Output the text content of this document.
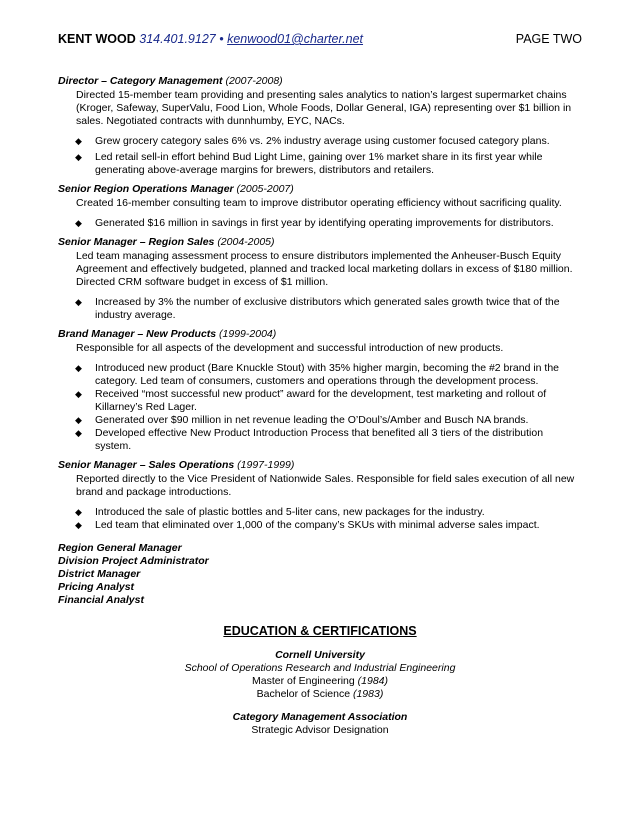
KENT WOOD 314.401.9127 • kenwood01@charter.net	PAGE TWO
Director – Category Management (2007-2008)
Directed 15-member team providing and presenting sales analytics to nation’s largest supermarket chains (Kroger, Safeway, SuperValu, Food Lion, Whole Foods, Dollar General, IGA) representing over $1 billion in sales. Negotiated contracts with dunnhumby, EYC, NACs.
◆ Grew grocery category sales 6% vs. 2% industry average using customer focused category plans.
◆ Led retail sell-in effort behind Bud Light Lime, gaining over 1% market share in its first year while generating above-average margins for brewers, distributors and retailers.
Senior Region Operations Manager (2005-2007)
Created 16-member consulting team to improve distributor operating efficiency without sacrificing quality.
◆ Generated $16 million in savings in first year by identifying operating improvements for distributors.
Senior Manager – Region Sales (2004-2005)
Led team managing assessment process to ensure distributors implemented the Anheuser-Busch Equity Agreement and effectively budgeted, planned and tracked local marketing dollars in excess of $180 million. Directed CRM software budget in excess of $1 million.
◆ Increased by 3% the number of exclusive distributors which generated sales growth twice that of the industry average.
Brand Manager – New Products (1999-2004)
Responsible for all aspects of the development and successful introduction of new products.
◆ Introduced new product (Bare Knuckle Stout) with 35% higher margin, becoming the #2 brand in the category. Led team of consumers, customers and operations through the development process.
◆ Received “most successful new product” award for the development, test marketing and rollout of Killarney’s Red Lager.
◆ Generated over $90 million in net revenue leading the O’Doul’s/Amber and Busch NA brands.
◆ Developed effective New Product Introduction Process that benefited all 3 tiers of the distribution system.
Senior Manager – Sales Operations (1997-1999)
Reported directly to the Vice President of Nationwide Sales. Responsible for field sales execution of all new brand and package introductions.
◆ Introduced the sale of plastic bottles and 5-liter cans, new packages for the industry.
◆ Led team that eliminated over 1,000 of the company’s SKUs with minimal adverse sales impact.
Region General Manager
Division Project Administrator
District Manager
Pricing Analyst
Financial Analyst
EDUCATION & CERTIFICATIONS
Cornell University
School of Operations Research and Industrial Engineering
Master of Engineering (1984)
Bachelor of Science (1983)
Category Management Association
Strategic Advisor Designation
